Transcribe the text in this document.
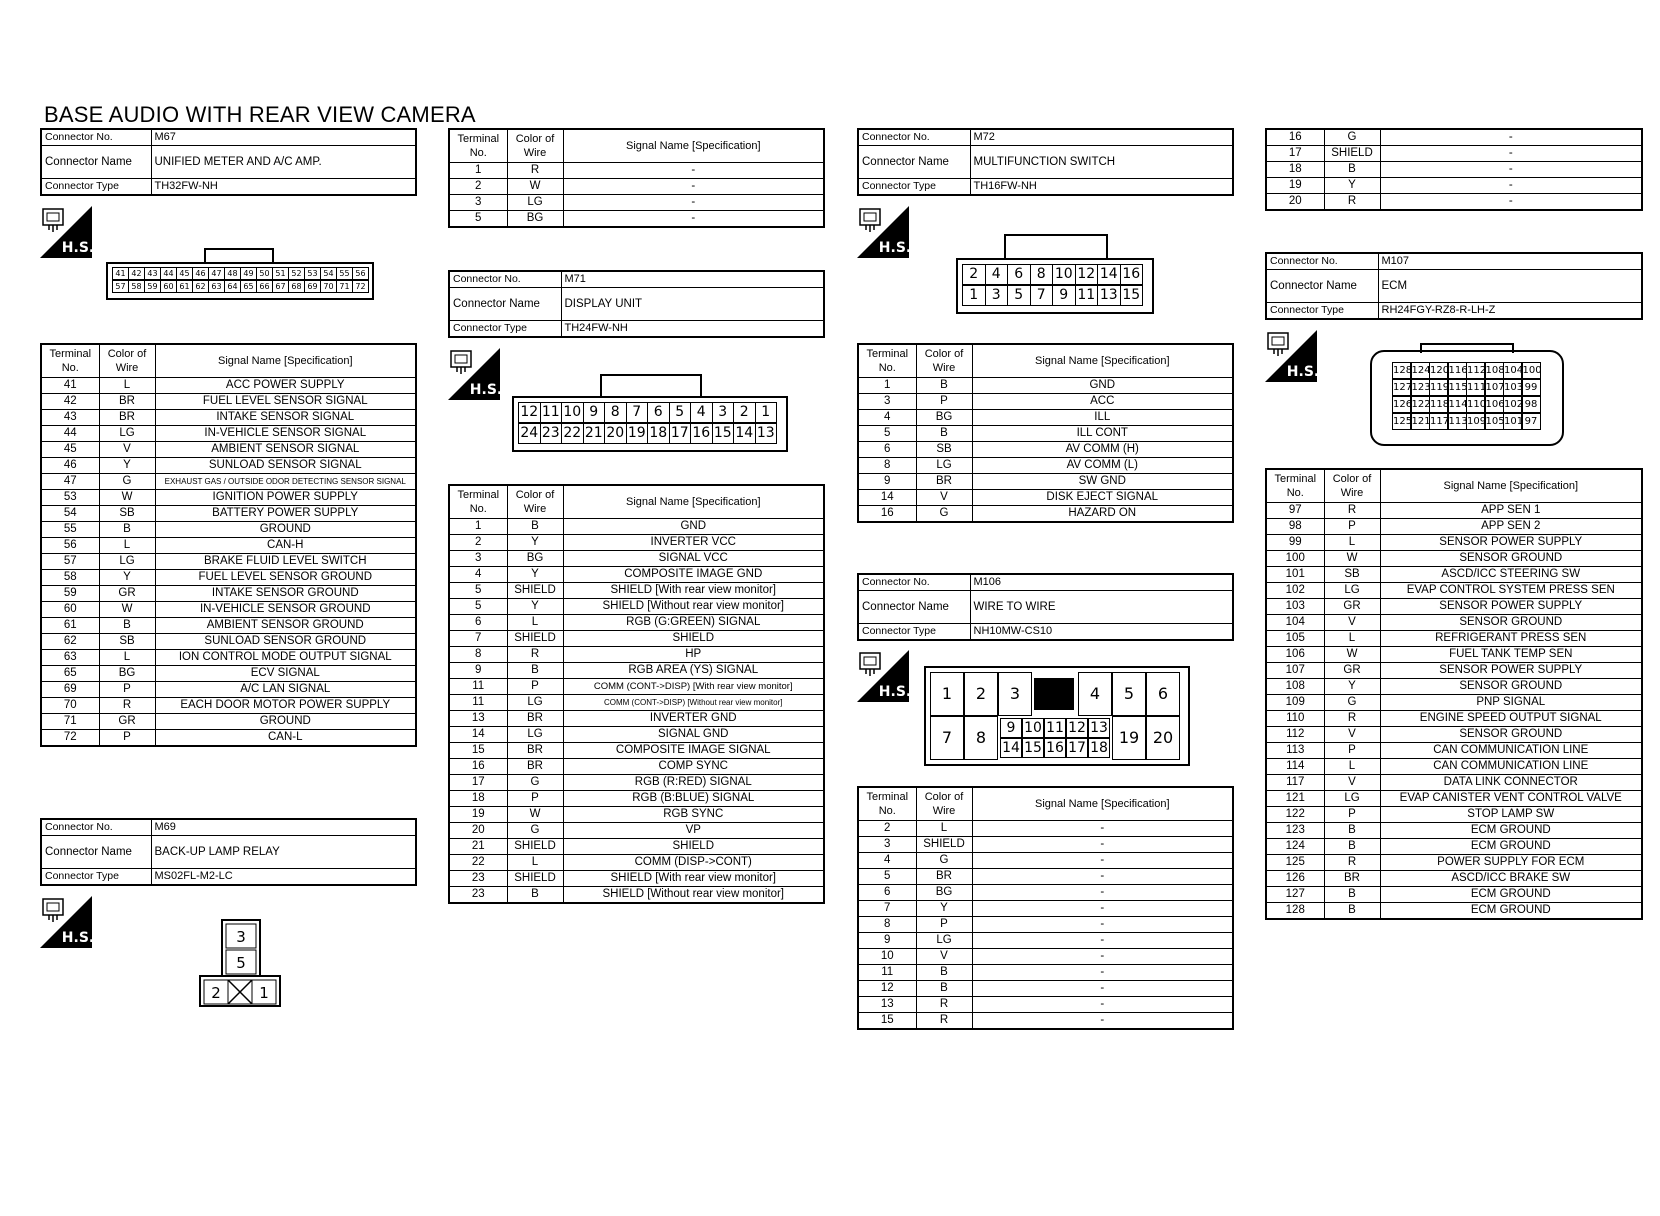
BASE AUDIO WITH REAR VIEW CAMERA
Connector No.	M67
Connector Name	UNIFIED METER AND A/C AMP.
Connector Type	TH32FW-NH
H.S.
41 42 43 44 45 46 47 48 49 50 51 52 53 54 55 56
57 58 59 60 61 62 63 64 65 66 67 68 69 70 71 72
Terminal No.	Color of Wire	Signal Name [Specification]
41	L	ACC POWER SUPPLY
42	BR	FUEL LEVEL SENSOR SIGNAL
43	BR	INTAKE SENSOR SIGNAL
44	LG	IN-VEHICLE SENSOR SIGNAL
45	V	AMBIENT SENSOR SIGNAL
46	Y	SUNLOAD SENSOR SIGNAL
47	G	EXHAUST GAS / OUTSIDE ODOR DETECTING SENSOR SIGNAL
53	W	IGNITION POWER SUPPLY
54	SB	BATTERY POWER SUPPLY
55	B	GROUND
56	L	CAN-H
57	LG	BRAKE FLUID LEVEL SWITCH
58	Y	FUEL LEVEL SENSOR GROUND
59	GR	INTAKE SENSOR GROUND
60	W	IN-VEHICLE SENSOR GROUND
61	B	AMBIENT SENSOR GROUND
62	SB	SUNLOAD SENSOR GROUND
63	L	ION CONTROL MODE OUTPUT SIGNAL
65	BG	ECV SIGNAL
69	P	A/C LAN SIGNAL
70	R	EACH DOOR MOTOR POWER SUPPLY
71	GR	GROUND
72	P	CAN-L
Connector No.	M69
Connector Name	BACK-UP LAMP RELAY
Connector Type	MS02FL-M2-LC
H.S.	3
5
2	1
Terminal No.	Color of Wire	Signal Name [Specification]
1	R	-
2	W	-
3	LG	-
5	BG	-
Connector No.	M71
Connector Name	DISPLAY UNIT
Connector Type	TH24FW-NH
H.S.
12 11 10 9 8 7 6 5 4 3 2 1
24 23 22 21 20 19 18 17 16 15 14 13
Terminal No.	Color of Wire	Signal Name [Specification]
1	B	GND
2	Y	INVERTER VCC
3	BG	SIGNAL VCC
4	Y	COMPOSITE IMAGE GND
5	SHIELD	SHIELD [With rear view monitor]
5	Y	SHIELD [Without rear view monitor]
6	L	RGB (G:GREEN) SIGNAL
7	SHIELD	SHIELD
8	R	HP
9	B	RGB AREA (YS) SIGNAL
11	P	COMM (CONT->DISP) [With rear view monitor]
11	LG	COMM (CONT->DISP) [Without rear view monitor]
13	BR	INVERTER GND
14	LG	SIGNAL GND
15	BR	COMPOSITE IMAGE SIGNAL
16	BR	COMP SYNC
17	G	RGB (R:RED) SIGNAL
18	P	RGB (B:BLUE) SIGNAL
19	W	RGB SYNC
20	G	VP
21	SHIELD	SHIELD
22	L	COMM (DISP->CONT)
23	SHIELD	SHIELD [With rear view monitor]
23	B	SHIELD [Without rear view monitor]
Connector No.	M72
Connector Name	MULTIFUNCTION SWITCH
Connector Type	TH16FW-NH
H.S.
2 4 6 8 10 12 14 16
1 3 5 7 9 11 13 15
Terminal No.	Color of Wire	Signal Name [Specification]
1	B	GND
3	P	ACC
4	BG	ILL
5	B	ILL CONT
6	SB	AV COMM (H)
8	LG	AV COMM (L)
9	BR	SW GND
14	V	DISK EJECT SIGNAL
16	G	HAZARD ON
Connector No.	M106
Connector Name	WIRE TO WIRE
Connector Type	NH10MW-CS10
H.S.	1	2	3	4	5	6
7	8	9 10 11 12 13
14 15 16 17 18
19 20
Terminal No.	Color of Wire	Signal Name [Specification]
2	L	-
3	SHIELD	-
4	G	-
5	BR	-
6	BG	-
7	Y	-
8	P	-
9	LG	-
10	V	-
11	B	-
12	B	-
13	R	-
15	R	-
16	G	-
17	SHIELD	-
18	B	-
19	Y	-
20	R	-
Connector No.	M107
Connector Name	ECM
Connector Type	RH24FGY-RZ8-R-LH-Z
H.S.	128 124 120 116 112 108 104 100
127 123 119 115 111 107 103 99
126 122 118 114 110 106 102 98
125 121 117 113 109 105 101 97
Terminal No.	Color of Wire	Signal Name [Specification]
97	R	APP SEN 1
98	P	APP SEN 2
99	L	SENSOR POWER SUPPLY
100	W	SENSOR GROUND
101	SB	ASCD/ICC STEERING SW
102	LG	EVAP CONTROL SYSTEM PRESS SEN
103	GR	SENSOR POWER SUPPLY
104	V	SENSOR GROUND
105	L	REFRIGERANT PRESS SEN
106	W	FUEL TANK TEMP SEN
107	GR	SENSOR POWER SUPPLY
108	Y	SENSOR GROUND
109	G	PNP SIGNAL
110	R	ENGINE SPEED OUTPUT SIGNAL
112	V	SENSOR GROUND
113	P	CAN COMMUNICATION LINE
114	L	CAN COMMUNICATION LINE
117	V	DATA LINK CONNECTOR
121	LG	EVAP CANISTER VENT CONTROL VALVE
122	P	STOP LAMP SW
123	B	ECM GROUND
124	B	ECM GROUND
125	R	POWER SUPPLY FOR ECM
126	BR	ASCD/ICC BRAKE SW
127	B	ECM GROUND
128	B	ECM GROUND
